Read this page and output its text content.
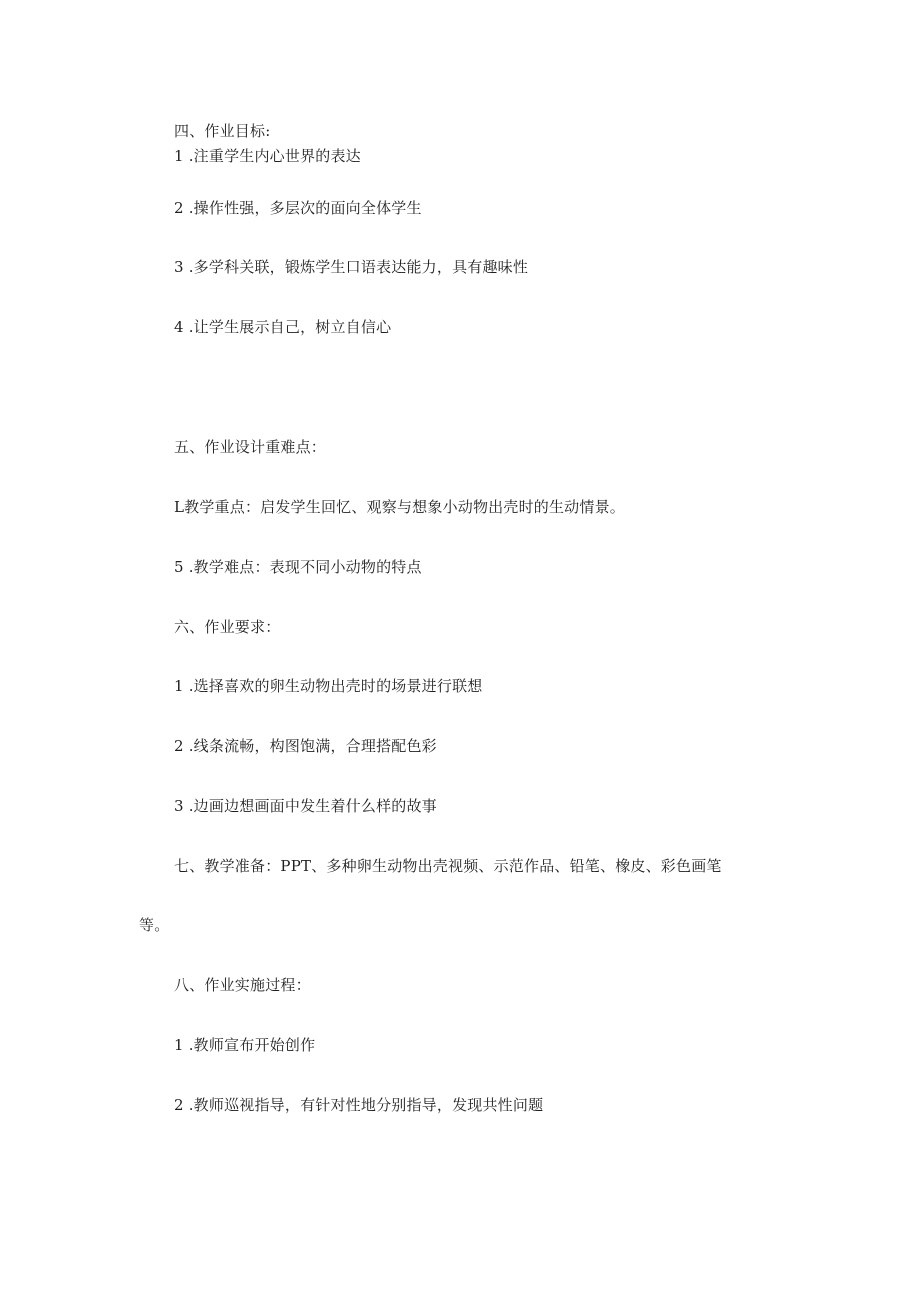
四、作业目标:
1 .注重学生内心世界的表达
2 .操作性强，多层次的面向全体学生
3 .多学科关联，锻炼学生口语表达能力，具有趣味性
4 .让学生展示自己，树立自信心
五、作业设计重难点：
L教学重点：启发学生回忆、观察与想象小动物出壳时的生动情景。
5 .教学难点：表现不同小动物的特点
六、作业要求：
1 .选择喜欢的卵生动物出壳时的场景进行联想
2 .线条流畅，构图饱满，合理搭配色彩
3 .边画边想画面中发生着什么样的故事
七、教学准备：PPT、多种卵生动物出壳视频、示范作品、铅笔、橡皮、彩色画笔
等。
八、作业实施过程：
1 .教师宣布开始创作
2 .教师巡视指导，有针对性地分别指导，发现共性问题
